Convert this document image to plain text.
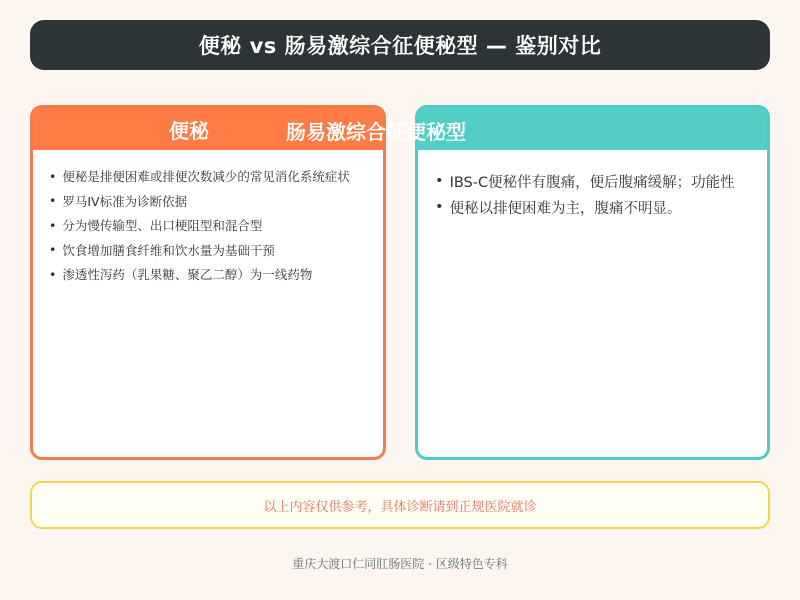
便秘 vs 肠易激综合征便秘型 — 鉴别对比
便秘
• 便秘是排便困难或排便次数减少的常见消化系统症状
• 罗马IV标准为诊断依据
• 分为慢传输型、出口梗阻型和混合型
• 饮食增加膳食纤维和饮水量为基础干预
• 渗透性泻药（乳果糖、聚乙二醇）为一线药物
• IBS-C便秘伴有腹痛，便后腹痛缓解；功能性
• 便秘以排便困难为主，腹痛不明显。
肠易激综合征便秘型
以上内容仅供参考，具体诊断请到正规医院就诊
重庆大渡口仁同肛肠医院 · 区级特色专科
